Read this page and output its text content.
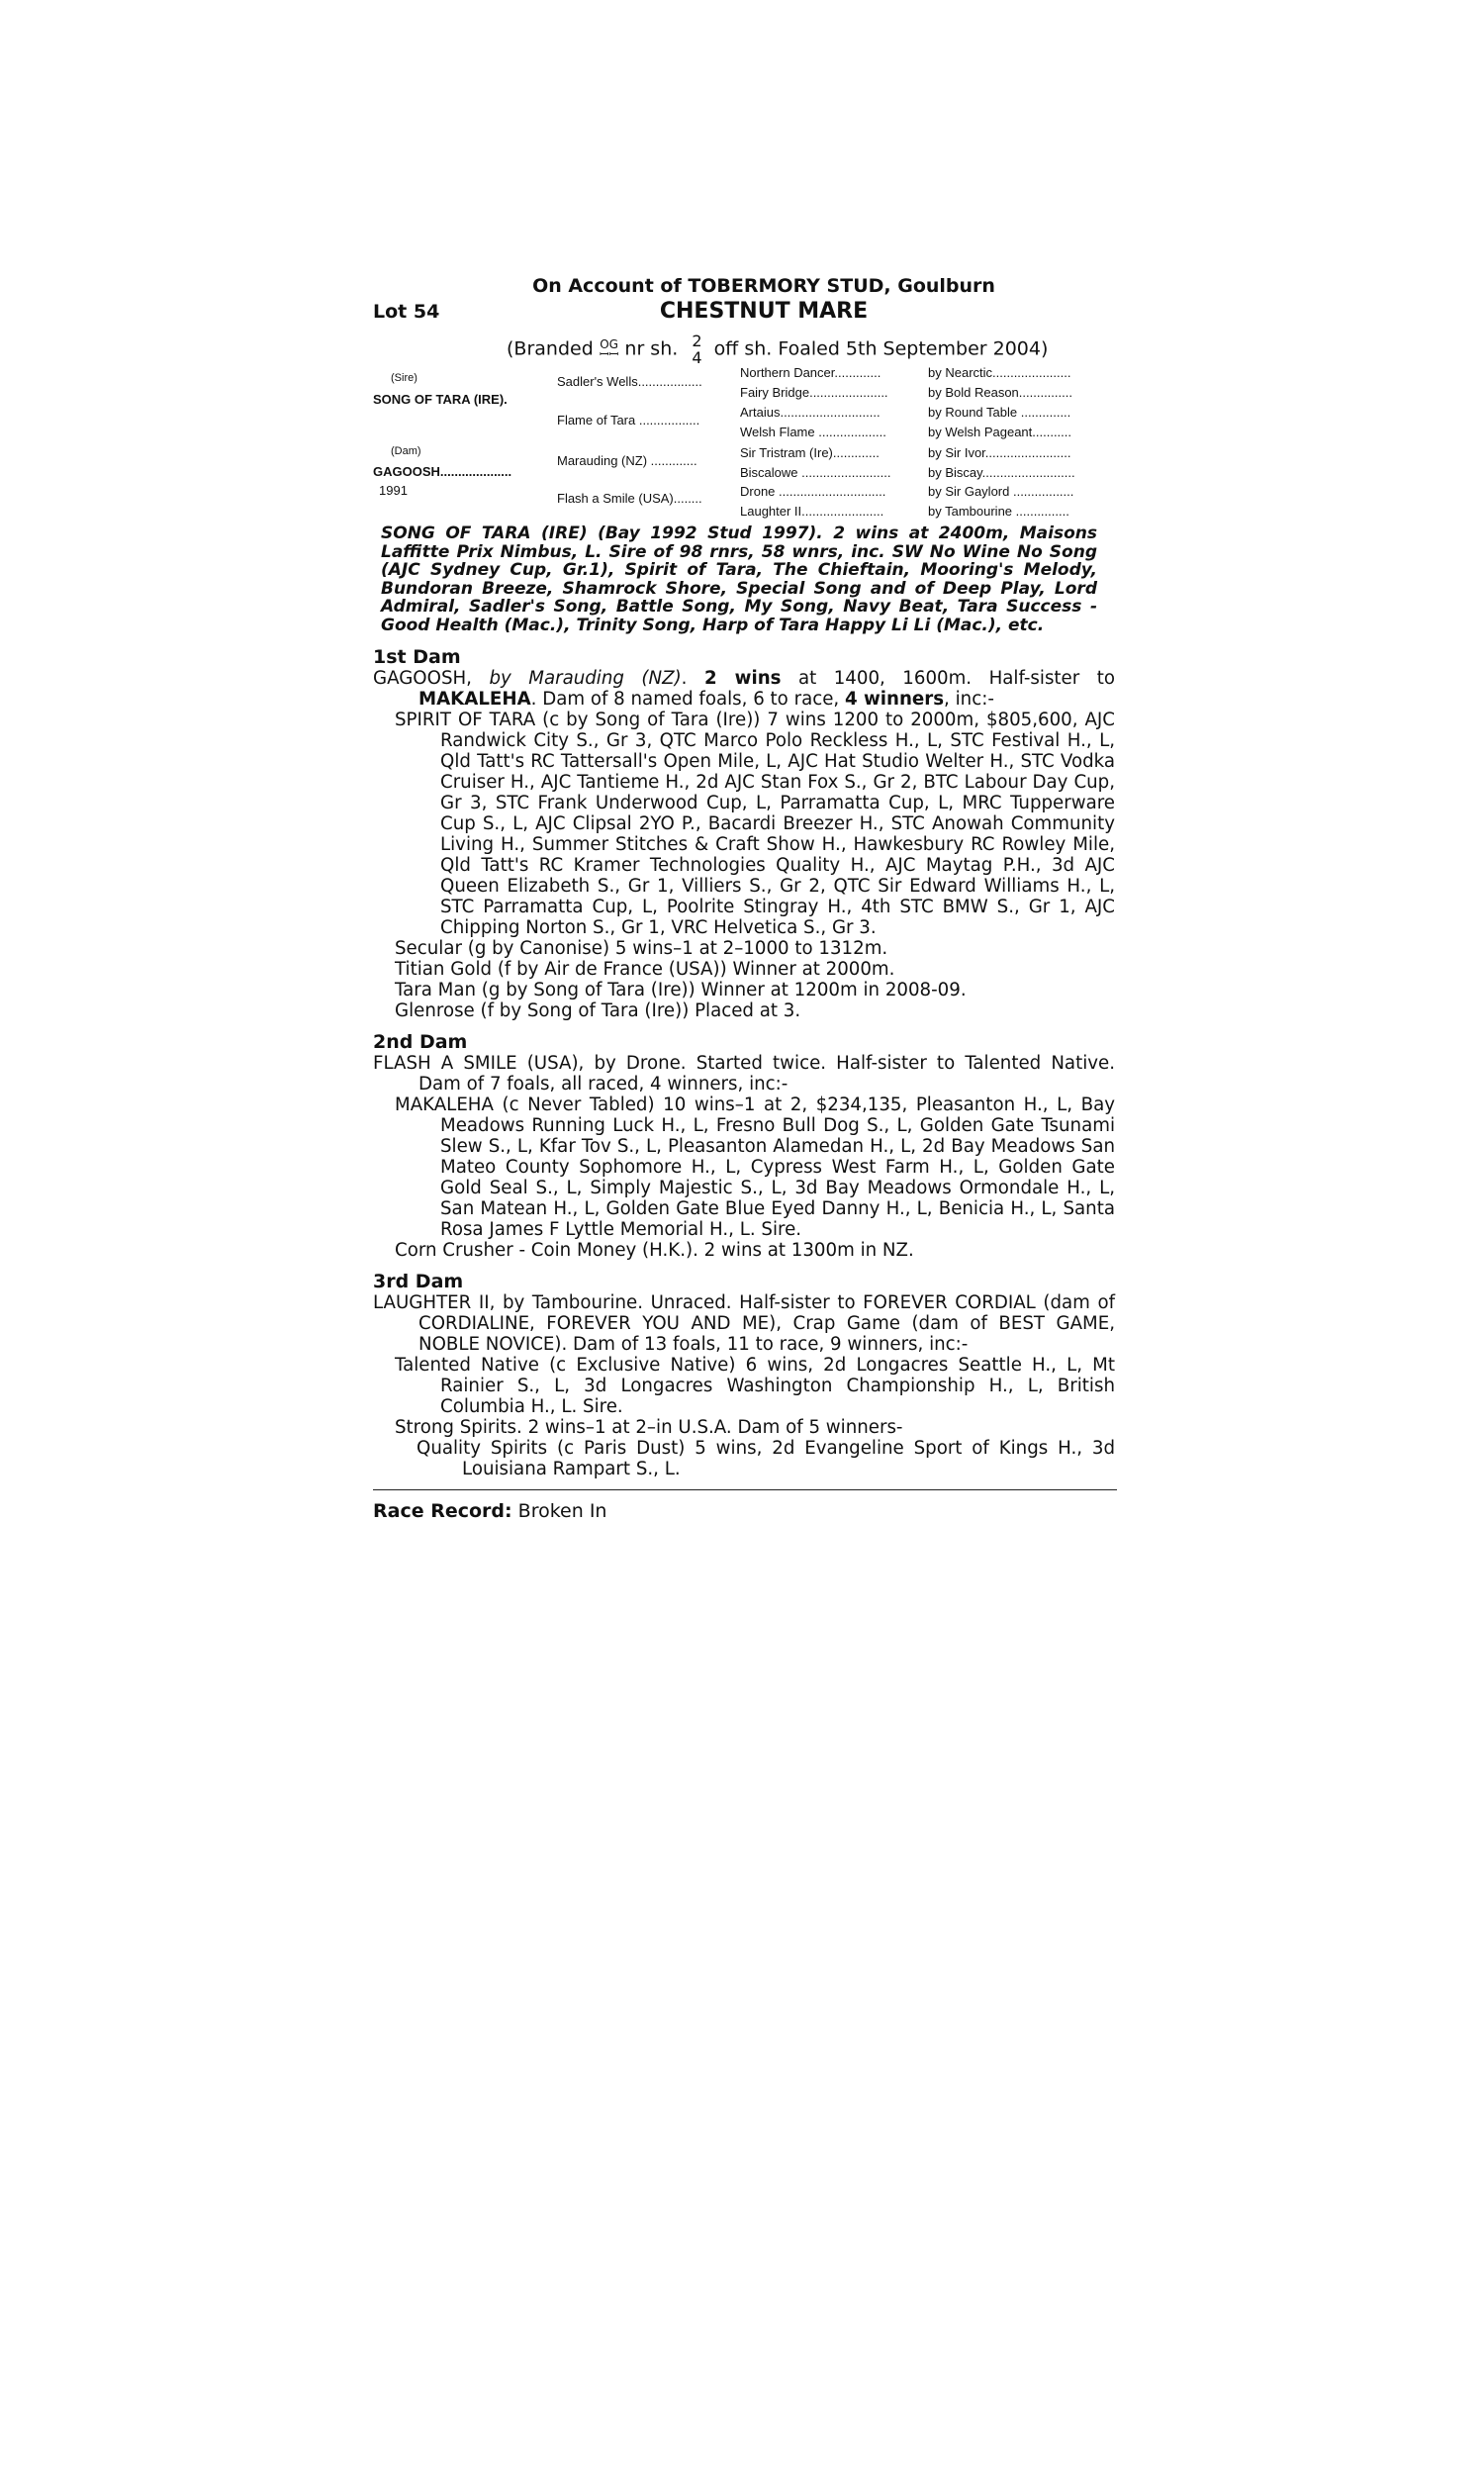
On Account of TOBERMORY STUD, Goulburn
Lot 54	CHESTNUT MARE
(Branded OG
ꟷꟷ nr sh. 2
4 off sh. Foaled 5th September 2004)
(Sire)
SONG OF TARA (IRE).
(Dam)
GAGOOSH....................
1991
Sadler's Wells..................
Flame of Tara .................
Marauding (NZ) .............
Flash a Smile (USA)........
Northern Dancer.............
Fairy Bridge......................
Artaius............................
Welsh Flame ...................
Sir Tristram (Ire).............
Biscalowe .........................
Drone ..............................
Laughter II.......................
by Nearctic......................
by Bold Reason...............
by Round Table ..............
by Welsh Pageant...........
by Sir Ivor........................
by Biscay..........................
by Sir Gaylord .................
by Tambourine ...............
SONG OF TARA (IRE) (Bay 1992 Stud 1997). 2 wins at 2400m, Maisons Laffitte Prix Nimbus, L. Sire of 98 rnrs, 58 wnrs, inc. SW No Wine No Song (AJC Sydney Cup, Gr.1), Spirit of Tara, The Chieftain, Mooring's Melody, Bundoran Breeze, Shamrock Shore, Special Song and of Deep Play, Lord Admiral, Sadler's Song, Battle Song, My Song, Navy Beat, Tara Success - Good Health (Mac.), Trinity Song, Harp of Tara Happy Li Li (Mac.), etc.
1st Dam
GAGOOSH, by Marauding (NZ). 2 wins at 1400, 1600m. Half-sister to MAKALEHA. Dam of 8 named foals, 6 to race, 4 winners, inc:-
SPIRIT OF TARA (c by Song of Tara (Ire)) 7 wins 1200 to 2000m, $805,600, AJC Randwick City S., Gr 3, QTC Marco Polo Reckless H., L, STC Festival H., L, Qld Tatt's RC Tattersall's Open Mile, L, AJC Hat Studio Welter H., STC Vodka Cruiser H., AJC Tantieme H., 2d AJC Stan Fox S., Gr 2, BTC Labour Day Cup, Gr 3, STC Frank Underwood Cup, L, Parramatta Cup, L, MRC Tupperware Cup S., L, AJC Clipsal 2YO P., Bacardi Breezer H., STC Anowah Community Living H., Summer Stitches & Craft Show H., Hawkesbury RC Rowley Mile, Qld Tatt's RC Kramer Technologies Quality H., AJC Maytag P.H., 3d AJC Queen Elizabeth S., Gr 1, Villiers S., Gr 2, QTC Sir Edward Williams H., L, STC Parramatta Cup, L, Poolrite Stingray H., 4th STC BMW S., Gr 1, AJC Chipping Norton S., Gr 1, VRC Helvetica S., Gr 3.
Secular (g by Canonise) 5 wins–1 at 2–1000 to 1312m.
Titian Gold (f by Air de France (USA)) Winner at 2000m.
Tara Man (g by Song of Tara (Ire)) Winner at 1200m in 2008-09.
Glenrose (f by Song of Tara (Ire)) Placed at 3.
2nd Dam
FLASH A SMILE (USA), by Drone. Started twice. Half-sister to Talented Native. Dam of 7 foals, all raced, 4 winners, inc:-
MAKALEHA (c Never Tabled) 10 wins–1 at 2, $234,135, Pleasanton H., L, Bay Meadows Running Luck H., L, Fresno Bull Dog S., L, Golden Gate Tsunami Slew S., L, Kfar Tov S., L, Pleasanton Alamedan H., L, 2d Bay Meadows San Mateo County Sophomore H., L, Cypress West Farm H., L, Golden Gate Gold Seal S., L, Simply Majestic S., L, 3d Bay Meadows Ormondale H., L, San Matean H., L, Golden Gate Blue Eyed Danny H., L, Benicia H., L, Santa Rosa James F Lyttle Memorial H., L. Sire.
Corn Crusher - Coin Money (H.K.). 2 wins at 1300m in NZ.
3rd Dam
LAUGHTER II, by Tambourine. Unraced. Half-sister to FOREVER CORDIAL (dam of CORDIALINE, FOREVER YOU AND ME), Crap Game (dam of BEST GAME, NOBLE NOVICE). Dam of 13 foals, 11 to race, 9 winners, inc:-
Talented Native (c Exclusive Native) 6 wins, 2d Longacres Seattle H., L, Mt Rainier S., L, 3d Longacres Washington Championship H., L, British Columbia H., L. Sire.
Strong Spirits. 2 wins–1 at 2–in U.S.A. Dam of 5 winners-
Quality Spirits (c Paris Dust) 5 wins, 2d Evangeline Sport of Kings H., 3d Louisiana Rampart S., L.
Race Record: Broken In
